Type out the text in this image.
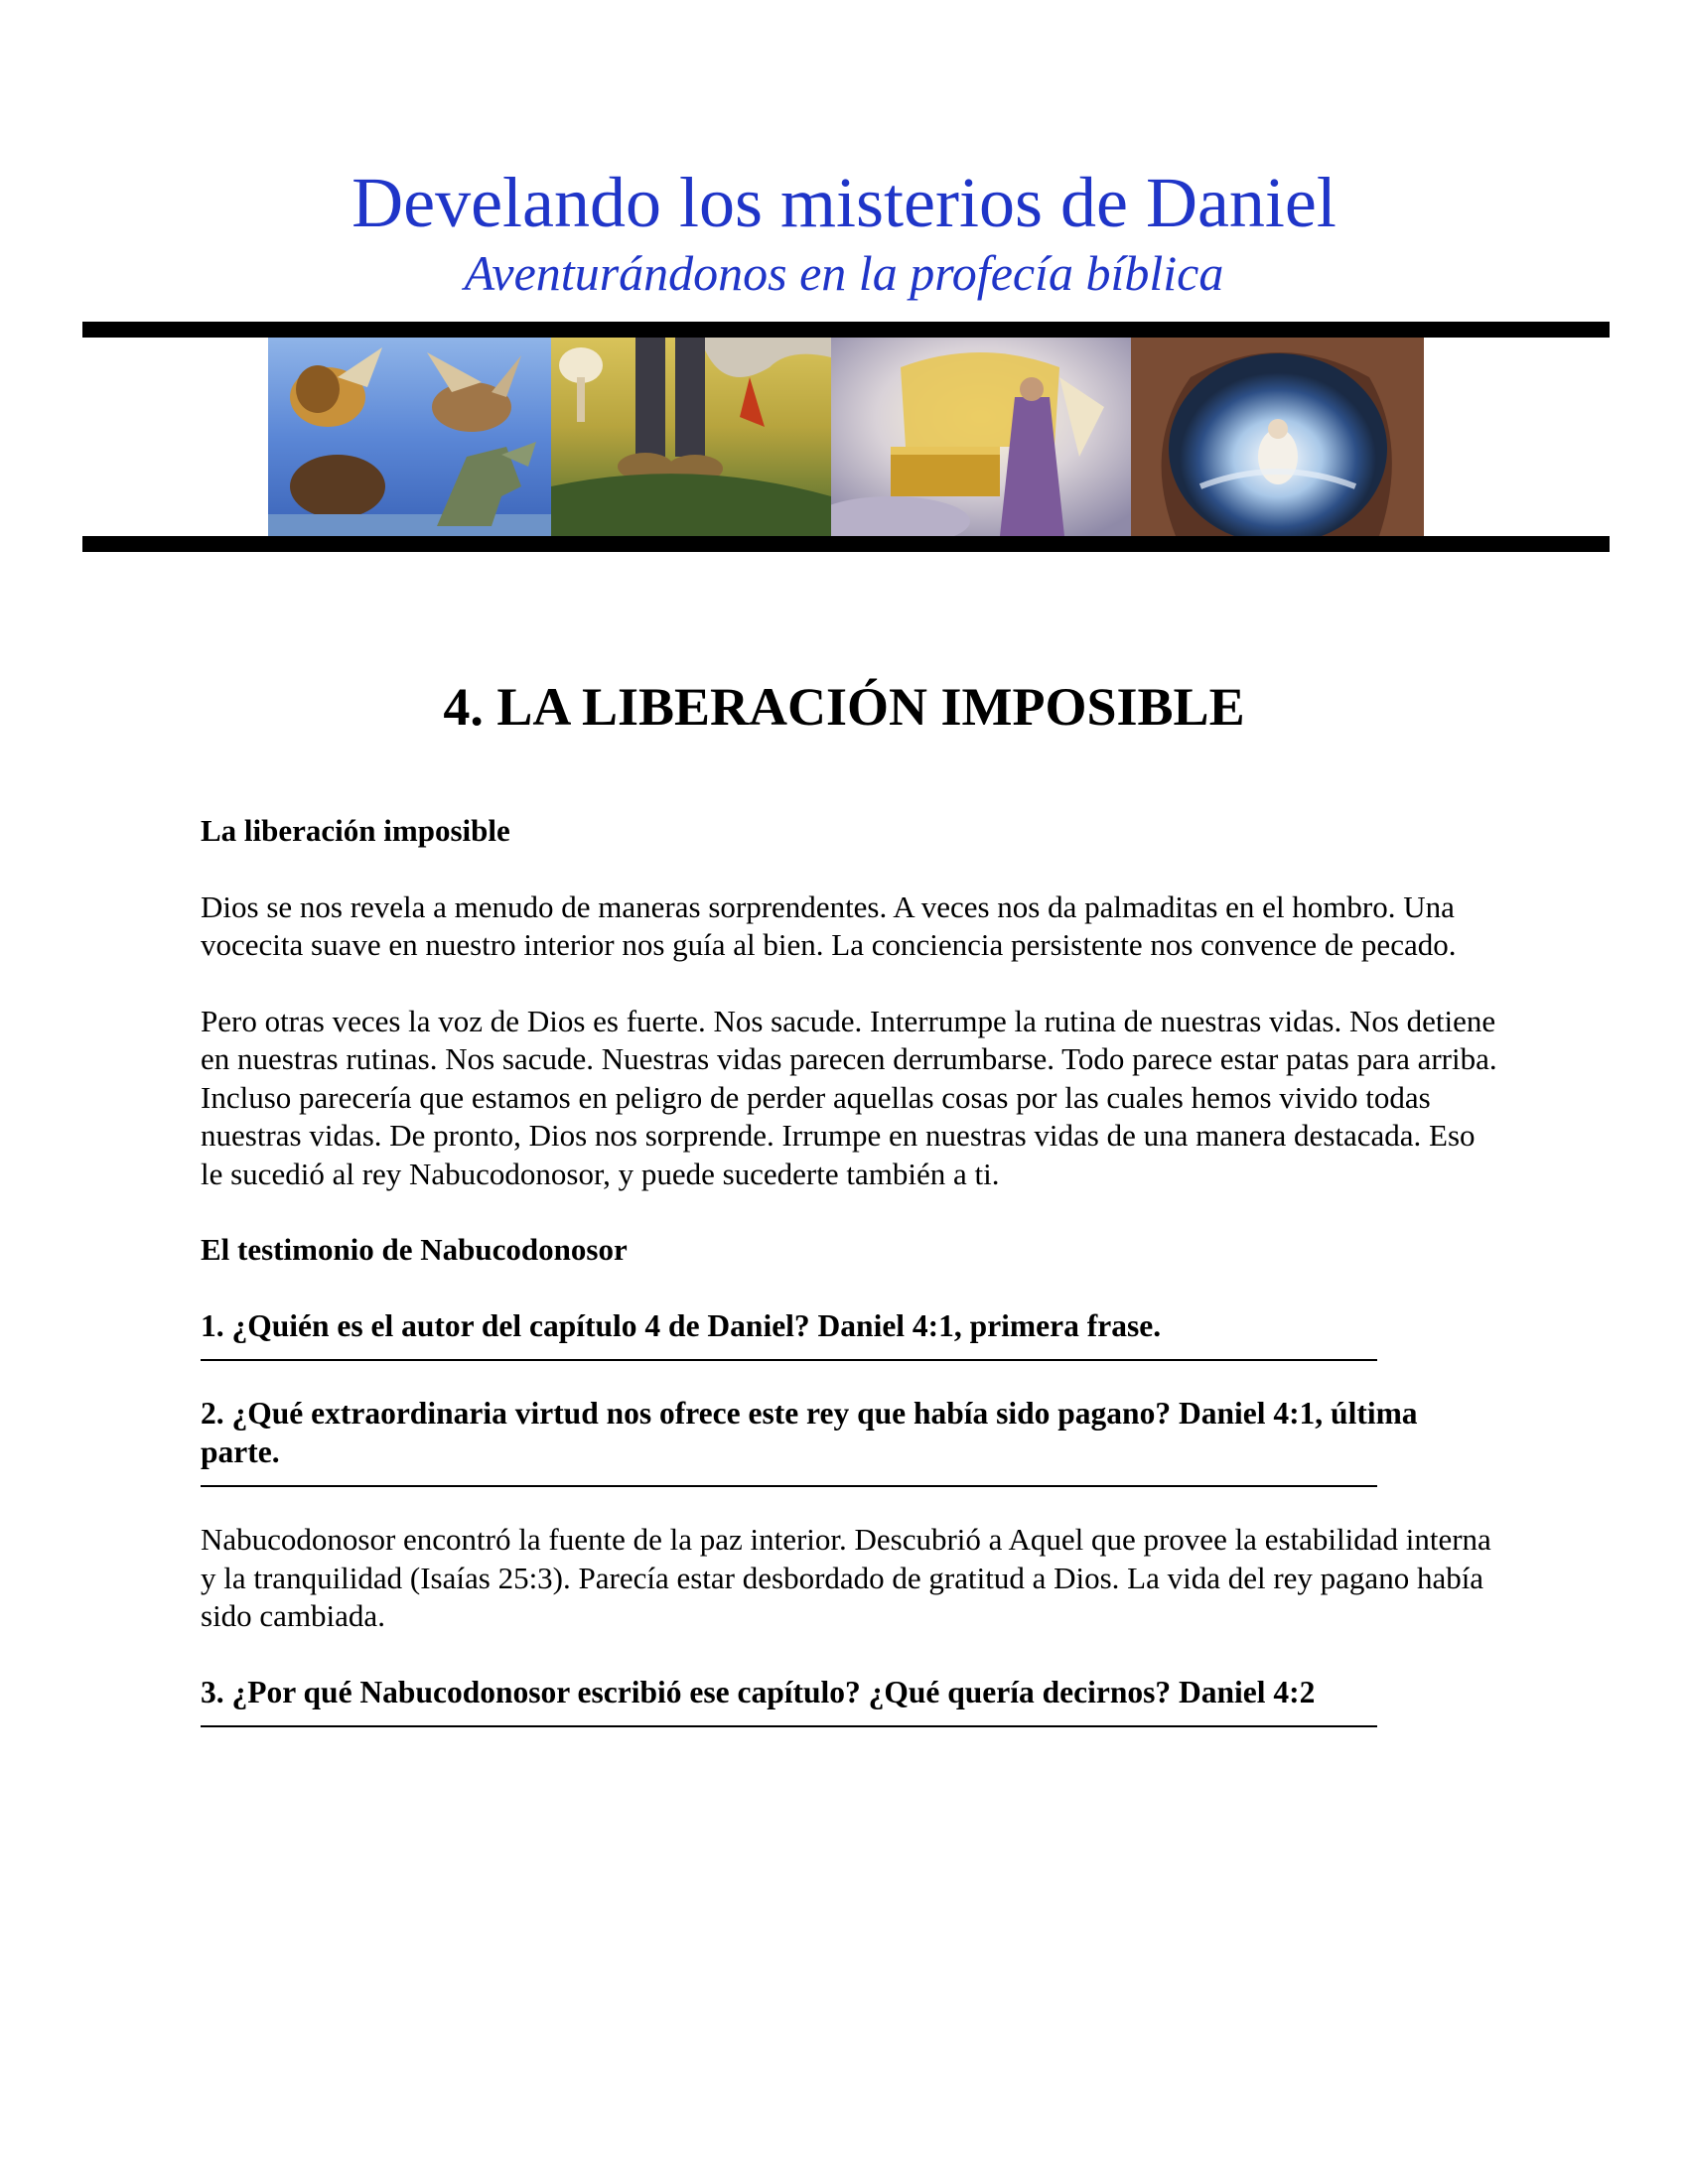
Develando los misterios de Daniel
Aventurándonos en la profecía bíblica
4. LA LIBERACIÓN IMPOSIBLE

La liberación imposible

Dios se nos revela a menudo de maneras sorprendentes. A veces nos da palmaditas en el hombro. Una vocecita suave en nuestro interior nos guía al bien. La conciencia persistente nos convence de pecado.

Pero otras veces la voz de Dios es fuerte. Nos sacude. Interrumpe la rutina de nuestras vidas. Nos detiene en nuestras rutinas. Nos sacude. Nuestras vidas parecen derrumbarse. Todo parece estar patas para arriba. Incluso parecería que estamos en peligro de perder aquellas cosas por las cuales hemos vivido todas nuestras vidas. De pronto, Dios nos sorprende. Irrumpe en nuestras vidas de una manera destacada. Eso le sucedió al rey Nabucodonosor, y puede sucederte también a ti.

El testimonio de Nabucodonosor

1. ¿Quién es el autor del capítulo 4 de Daniel? Daniel 4:1, primera frase.

2. ¿Qué extraordinaria virtud nos ofrece este rey que había sido pagano? Daniel 4:1, última parte.

Nabucodonosor encontró la fuente de la paz interior. Descubrió a Aquel que provee la estabilidad interna y la tranquilidad (Isaías 25:3). Parecía estar desbordado de gratitud a Dios. La vida del rey pagano había sido cambiada.

3. ¿Por qué Nabucodonosor escribió ese capítulo? ¿Qué quería decirnos? Daniel 4:2
